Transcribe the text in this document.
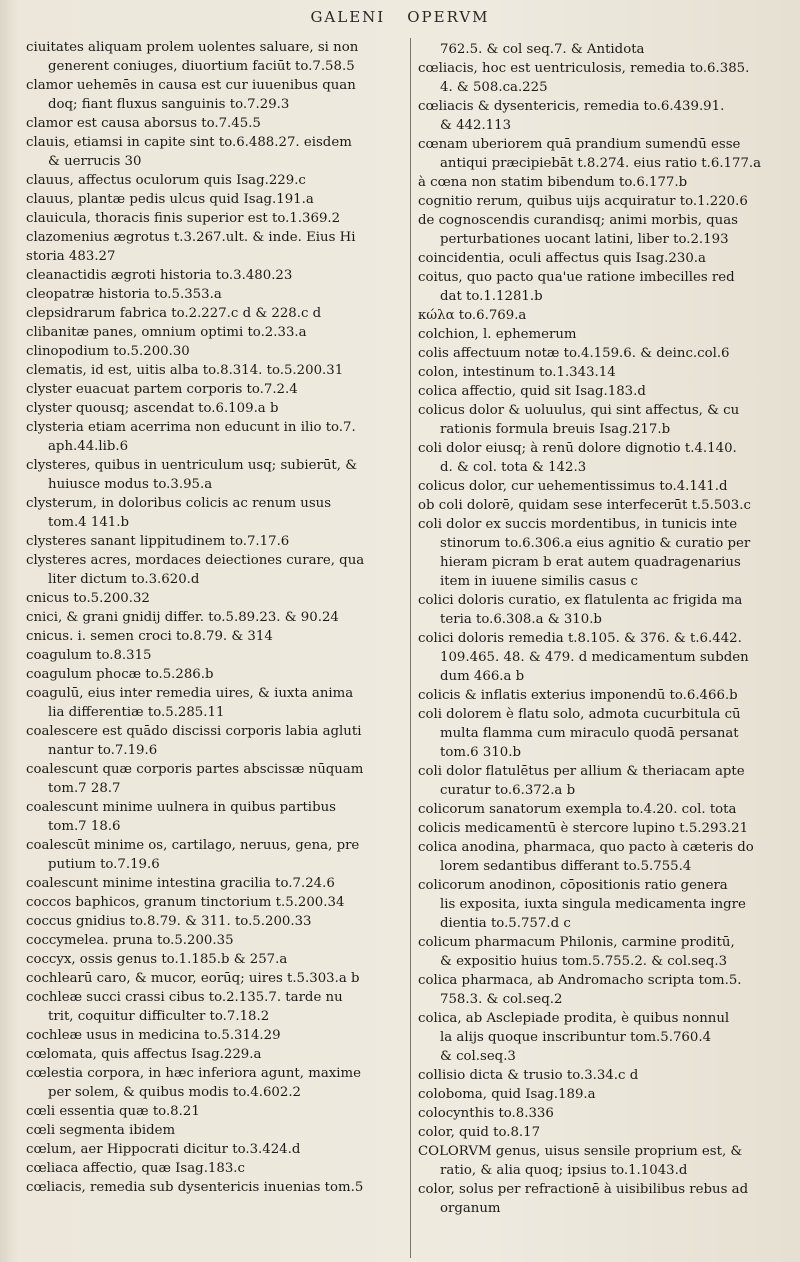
GALENI OPERVM
ciuitates aliquam prolem uolentes saluare, si non
generent coniuges, diuortium faciūt to.7.58.5
clamor uehemēs in causa est cur iuuenibus quan
doq; fiant fluxus sanguinis to.7.29.3
clamor est causa aborsus to.7.45.5
clauis, etiamsi in capite sint to.6.488.27. eisdem
& uerrucis 30
clauus, affectus oculorum quis Isag.229.c
clauus, plantæ pedis ulcus quid Isag.191.a
clauicula, thoracis finis superior est to.1.369.2
clazomenius ægrotus t.3.267.ult. & inde. Eius Hi
storia 483.27
cleanactidis ægroti historia to.3.480.23
cleopatræ historia to.5.353.a
clepsidrarum fabrica to.2.227.c d & 228.c d
clibanitæ panes, omnium optimi to.2.33.a
clinopodium to.5.200.30
clematis, id est, uitis alba to.8.314. to.5.200.31
clyster euacuat partem corporis to.7.2.4
clyster quousq; ascendat to.6.109.a b
clysteria etiam acerrima non educunt in ilio to.7.
aph.44.lib.6
clysteres, quibus in uentriculum usq; subierūt, &
huiusce modus to.3.95.a
clysterum, in doloribus colicis ac renum usus
tom.4 141.b
clysteres sanant lippitudinem to.7.17.6
clysteres acres, mordaces deiectiones curare, qua
liter dictum to.3.620.d
cnicus to.5.200.32
cnici, & grani gnidij differ. to.5.89.23. & 90.24
cnicus. i. semen croci to.8.79. & 314
coagulum to.8.315
coagulum phocæ to.5.286.b
coagulū, eius inter remedia uires, & iuxta anima
lia differentiæ to.5.285.11
coalescere est quādo discissi corporis labia agluti
nantur to.7.19.6
coalescunt quæ corporis partes abscissæ nūquam
tom.7 28.7
coalescunt minime uulnera in quibus partibus
tom.7 18.6
coalescūt minime os, cartilago, neruus, gena, pre
putium to.7.19.6
coalescunt minime intestina gracilia to.7.24.6
coccos baphicos, granum tinctorium t.5.200.34
coccus gnidius to.8.79. & 311. to.5.200.33
coccymelea. pruna to.5.200.35
coccyx, ossis genus to.1.185.b & 257.a
cochlearū caro, & mucor, eorūq; uires t.5.303.a b
cochleæ succi crassi cibus to.2.135.7. tarde nu
trit, coquitur difficulter to.7.18.2
cochleæ usus in medicina to.5.314.29
cœlomata, quis affectus Isag.229.a
cœlestia corpora, in hæc inferiora agunt, maxime
per solem, & quibus modis to.4.602.2
cœli essentia quæ to.8.21
cœli segmenta ibidem
cœlum, aer Hippocrati dicitur to.3.424.d
cœliaca affectio, quæ Isag.183.c
cœliacis, remedia sub dysentericis inuenias tom.5
762.5. & col seq.7. & Antidota
cœliacis, hoc est uentriculosis, remedia to.6.385.
4. & 508.ca.225
cœliacis & dysentericis, remedia to.6.439.91.
& 442.113
cœnam uberiorem quā prandium sumendū esse
antiqui præcipiebāt t.8.274. eius ratio t.6.177.a
à cœna non statim bibendum to.6.177.b
cognitio rerum, quibus uijs acquiratur to.1.220.6
de cognoscendis curandisq; animi morbis, quas
perturbationes uocant latini, liber to.2.193
coincidentia, oculi affectus quis Isag.230.a
coitus, quo pacto qua'ue ratione imbecilles red
dat to.1.1281.b
κώλα to.6.769.a
colchion, l. ephemerum
colis affectuum notæ to.4.159.6. & deinc.col.6
colon, intestinum to.1.343.14
colica affectio, quid sit Isag.183.d
colicus dolor & uoluulus, qui sint affectus, & cu
rationis formula breuis Isag.217.b
coli dolor eiusq; à renū dolore dignotio t.4.140.
d. & col. tota & 142.3
colicus dolor, cur uehementissimus to.4.141.d
ob coli dolorē, quidam sese interfecerūt t.5.503.c
coli dolor ex succis mordentibus, in tunicis inte
stinorum to.6.306.a eius agnitio & curatio per
hieram picram b erat autem quadragenarius
item in iuuene similis casus c
colici doloris curatio, ex flatulenta ac frigida ma
teria to.6.308.a & 310.b
colici doloris remedia t.8.105. & 376. & t.6.442.
109.465. 48. & 479. d medicamentum subden
dum 466.a b
colicis & inflatis exterius imponendū to.6.466.b
coli dolorem è flatu solo, admota cucurbitula cū
multa flamma cum miraculo quodā persanat
tom.6 310.b
coli dolor flatulētus per allium & theriacam apte
curatur to.6.372.a b
colicorum sanatorum exempla to.4.20. col. tota
colicis medicamentū è stercore lupino t.5.293.21
colica anodina, pharmaca, quo pacto à cæteris do
lorem sedantibus differant to.5.755.4
colicorum anodinon, cōpositionis ratio genera
lis exposita, iuxta singula medicamenta ingre
dientia to.5.757.d c
colicum pharmacum Philonis, carmine proditū,
& expositio huius tom.5.755.2. & col.seq.3
colica pharmaca, ab Andromacho scripta tom.5.
758.3. & col.seq.2
colica, ab Asclepiade prodita, è quibus nonnul
la alijs quoque inscribuntur tom.5.760.4
& col.seq.3
collisio dicta & trusio to.3.34.c d
coloboma, quid Isag.189.a
colocynthis to.8.336
color, quid to.8.17
COLORVM genus, uisus sensile proprium est, &
ratio, & alia quoq; ipsius to.1.1043.d
color, solus per refractionē à uisibilibus rebus ad
organum
